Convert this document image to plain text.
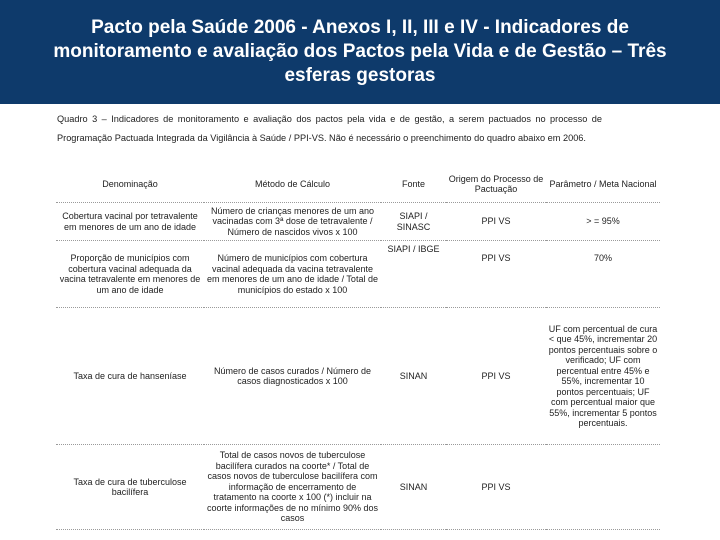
Pacto pela Saúde 2006 - Anexos I, II, III e IV - Indicadores de monitoramento e avaliação dos Pactos pela Vida e de Gestão – Três esferas gestoras
Quadro 3 – Indicadores de monitoramento e avaliação dos pactos pela vida e de gestão, a serem pactuados no processo de Programação Pactuada Integrada da Vigilância à Saúde / PPI-VS. Não é necessário o preenchimento do quadro abaixo em 2006.
Denominação	Método de Cálculo	Fonte	Origem do Processo de Pactuação	Parâmetro / Meta Nacional
Cobertura vacinal por tetravalente em menores de um ano de idade	Número de crianças menores de um ano vacinadas com 3ª dose de tetravalente / Número de nascidos vivos x 100	SIAPI / SINASC	PPI VS	> = 95%
Proporção de municípios com cobertura vacinal adequada da vacina tetravalente em menores de um ano de idade	Número de municípios com cobertura vacinal adequada da vacina tetravalente em menores de um ano de idade / Total de municípios do estado x 100	SIAPI / IBGE	PPI VS	70%
Taxa de cura de hanseníase	Número de casos curados / Número de casos diagnosticados x 100	SINAN	PPI VS	UF com percentual de cura < que 45%, incrementar 20 pontos percentuais sobre o verificado; UF com percentual entre 45% e 55%, incrementar 10 pontos percentuais; UF com percentual maior que 55%, incrementar 5 pontos percentuais.
Taxa de cura de tuberculose bacilífera	Total de casos novos de tuberculose bacilífera curados na coorte* / Total de casos novos de tuberculose bacilífera com informação de encerramento de tratamento na coorte x 100 (*) incluir na coorte informações de no mínimo 90% dos casos	SINAN	PPI VS	
